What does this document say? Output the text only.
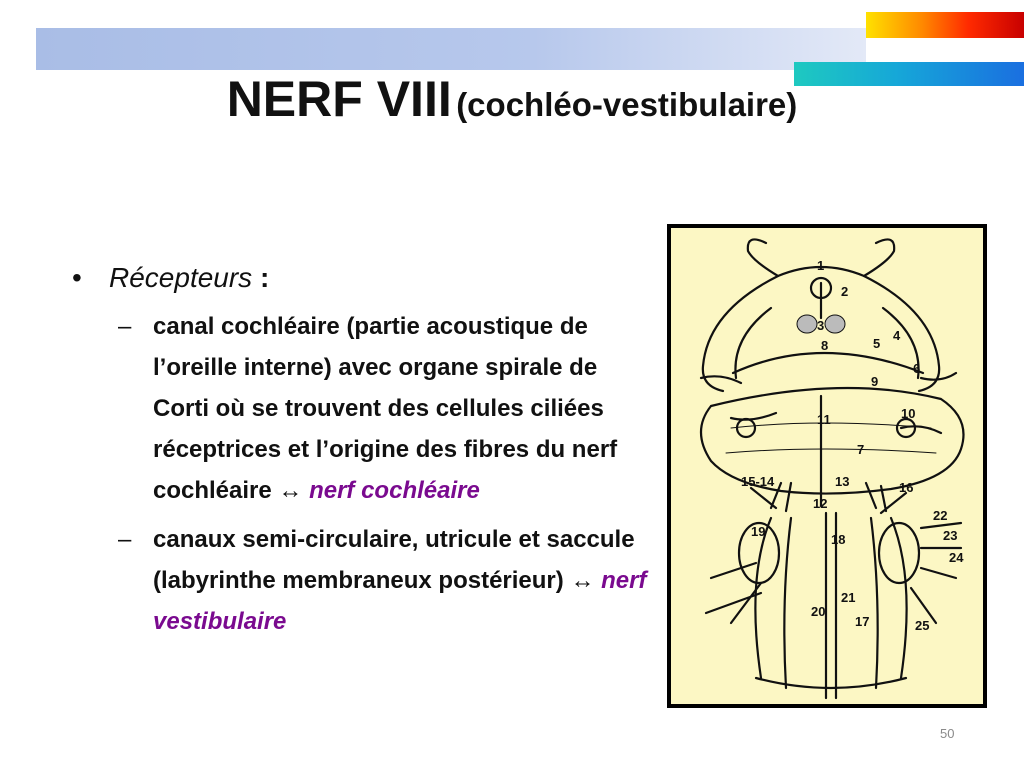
NERF VIII (cochléo-vestibulaire)
• Récepteurs :
– canal cochléaire (partie acoustique de l’oreille interne) avec organe spirale de Corti où se trouvent des cellules ciliées réceptrices et l’origine des fibres du nerf cochléaire ↔ nerf cochléaire
– canaux semi-circulaire, utricule et saccule (labyrinthe membraneux postérieur) ↔ nerf vestibulaire
1
2
3
4
5
6
7
8
9
10
11
12
13
15-14	16
17
18
19
20
21
22
23
24
25
50
